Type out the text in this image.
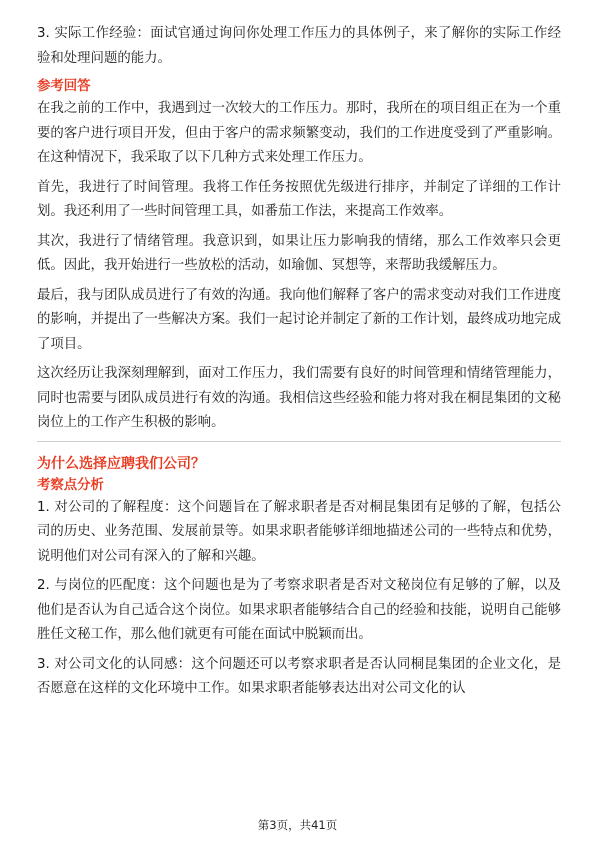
3. 实际工作经验：面试官通过询问你处理工作压力的具体例子，来了解你的实际工作经验和处理问题的能力。

参考回答

在我之前的工作中，我遇到过一次较大的工作压力。那时，我所在的项目组正在为一个重要的客户进行项目开发，但由于客户的需求频繁变动，我们的工作进度受到了严重影响。在这种情况下，我采取了以下几种方式来处理工作压力。

首先，我进行了时间管理。我将工作任务按照优先级进行排序，并制定了详细的工作计划。我还利用了一些时间管理工具，如番茄工作法，来提高工作效率。

其次，我进行了情绪管理。我意识到，如果让压力影响我的情绪，那么工作效率只会更低。因此，我开始进行一些放松的活动，如瑜伽、冥想等，来帮助我缓解压力。

最后，我与团队成员进行了有效的沟通。我向他们解释了客户的需求变动对我们工作进度的影响，并提出了一些解决方案。我们一起讨论并制定了新的工作计划，最终成功地完成了项目。

这次经历让我深刻理解到，面对工作压力，我们需要有良好的时间管理和情绪管理能力，同时也需要与团队成员进行有效的沟通。我相信这些经验和能力将对我在桐昆集团的文秘岗位上的工作产生积极的影响。

为什么选择应聘我们公司？

考察点分析

1. 对公司的了解程度：这个问题旨在了解求职者是否对桐昆集团有足够的了解，包括公司的历史、业务范围、发展前景等。如果求职者能够详细地描述公司的一些特点和优势，说明他们对公司有深入的了解和兴趣。

2. 与岗位的匹配度：这个问题也是为了考察求职者是否对文秘岗位有足够的了解，以及他们是否认为自己适合这个岗位。如果求职者能够结合自己的经验和技能，说明自己能够胜任文秘工作，那么他们就更有可能在面试中脱颖而出。

3. 对公司文化的认同感：这个问题还可以考察求职者是否认同桐昆集团的企业文化，是否愿意在这样的文化环境中工作。如果求职者能够表达出对公司文化的认

第3页，共41页
